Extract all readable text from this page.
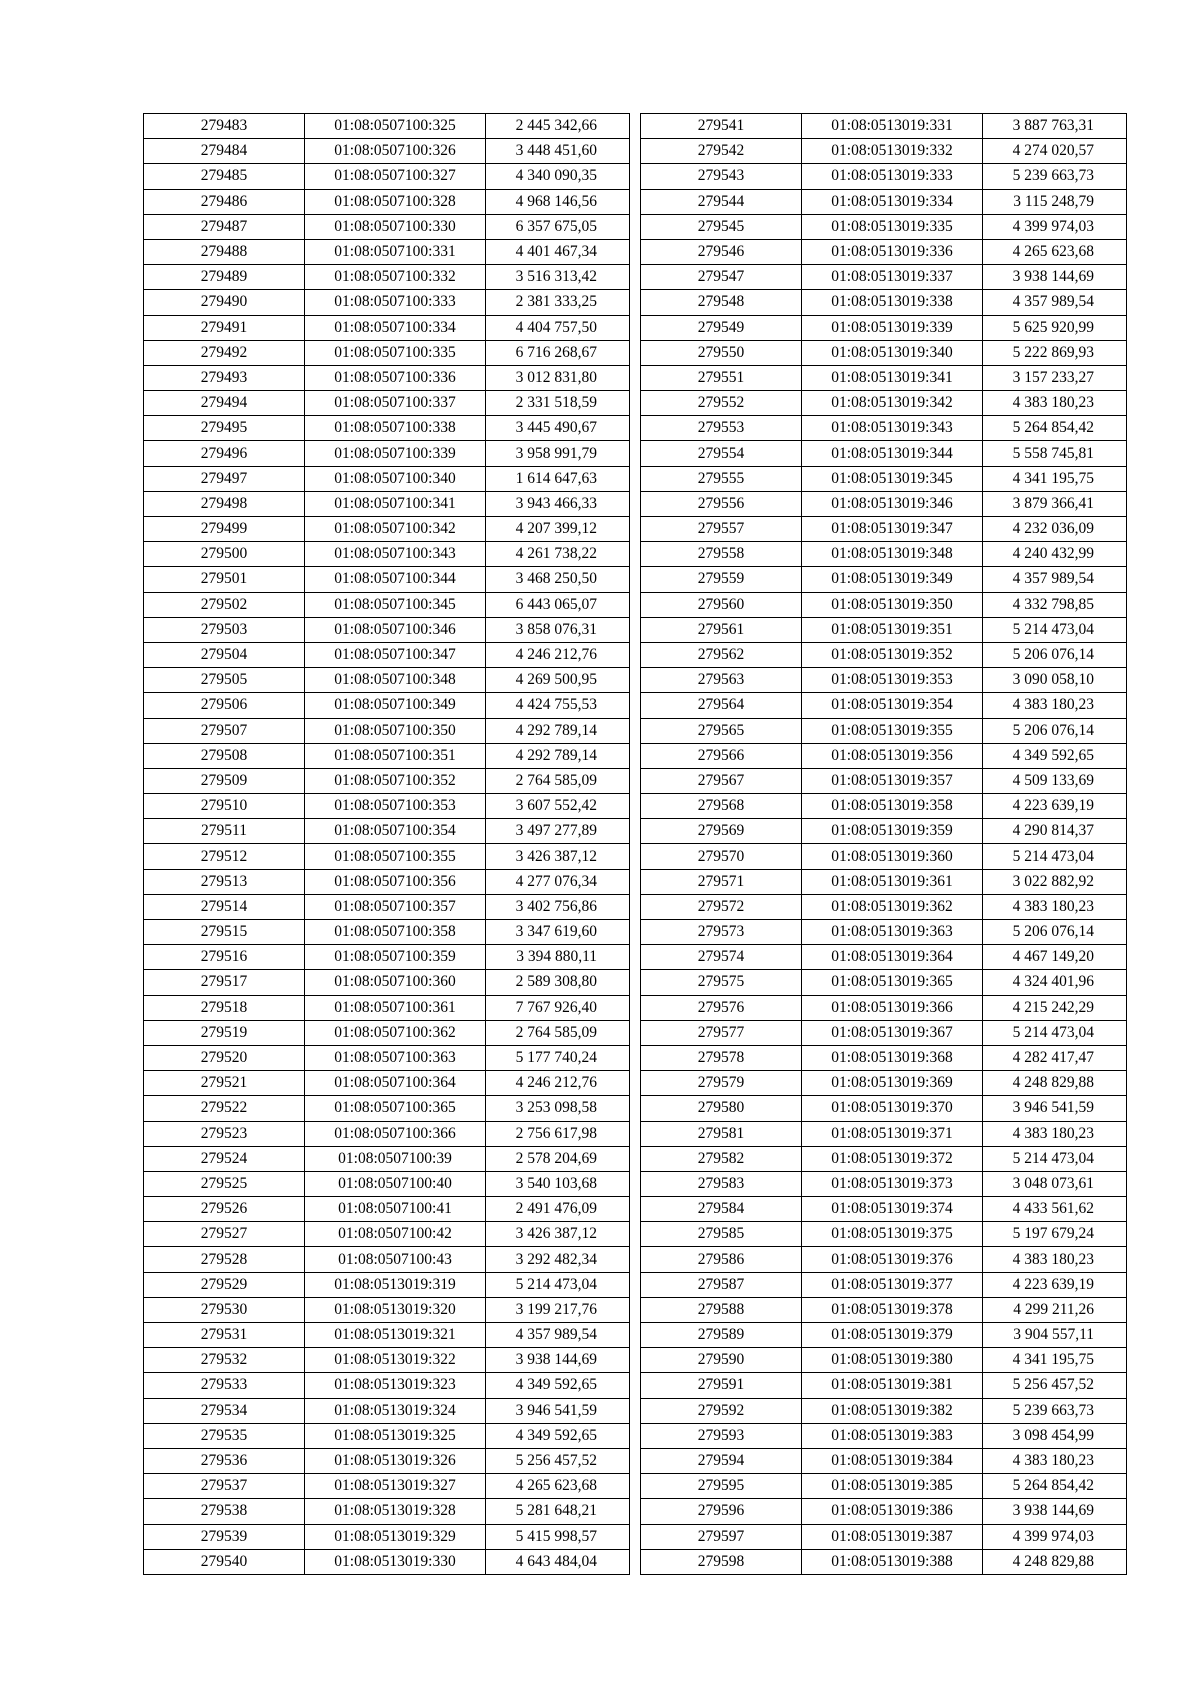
279483	01:08:0507100:325	2 445 342,66
279484	01:08:0507100:326	3 448 451,60
279485	01:08:0507100:327	4 340 090,35
279486	01:08:0507100:328	4 968 146,56
279487	01:08:0507100:330	6 357 675,05
279488	01:08:0507100:331	4 401 467,34
279489	01:08:0507100:332	3 516 313,42
279490	01:08:0507100:333	2 381 333,25
279491	01:08:0507100:334	4 404 757,50
279492	01:08:0507100:335	6 716 268,67
279493	01:08:0507100:336	3 012 831,80
279494	01:08:0507100:337	2 331 518,59
279495	01:08:0507100:338	3 445 490,67
279496	01:08:0507100:339	3 958 991,79
279497	01:08:0507100:340	1 614 647,63
279498	01:08:0507100:341	3 943 466,33
279499	01:08:0507100:342	4 207 399,12
279500	01:08:0507100:343	4 261 738,22
279501	01:08:0507100:344	3 468 250,50
279502	01:08:0507100:345	6 443 065,07
279503	01:08:0507100:346	3 858 076,31
279504	01:08:0507100:347	4 246 212,76
279505	01:08:0507100:348	4 269 500,95
279506	01:08:0507100:349	4 424 755,53
279507	01:08:0507100:350	4 292 789,14
279508	01:08:0507100:351	4 292 789,14
279509	01:08:0507100:352	2 764 585,09
279510	01:08:0507100:353	3 607 552,42
279511	01:08:0507100:354	3 497 277,89
279512	01:08:0507100:355	3 426 387,12
279513	01:08:0507100:356	4 277 076,34
279514	01:08:0507100:357	3 402 756,86
279515	01:08:0507100:358	3 347 619,60
279516	01:08:0507100:359	3 394 880,11
279517	01:08:0507100:360	2 589 308,80
279518	01:08:0507100:361	7 767 926,40
279519	01:08:0507100:362	2 764 585,09
279520	01:08:0507100:363	5 177 740,24
279521	01:08:0507100:364	4 246 212,76
279522	01:08:0507100:365	3 253 098,58
279523	01:08:0507100:366	2 756 617,98
279524	01:08:0507100:39	2 578 204,69
279525	01:08:0507100:40	3 540 103,68
279526	01:08:0507100:41	2 491 476,09
279527	01:08:0507100:42	3 426 387,12
279528	01:08:0507100:43	3 292 482,34
279529	01:08:0513019:319	5 214 473,04
279530	01:08:0513019:320	3 199 217,76
279531	01:08:0513019:321	4 357 989,54
279532	01:08:0513019:322	3 938 144,69
279533	01:08:0513019:323	4 349 592,65
279534	01:08:0513019:324	3 946 541,59
279535	01:08:0513019:325	4 349 592,65
279536	01:08:0513019:326	5 256 457,52
279537	01:08:0513019:327	4 265 623,68
279538	01:08:0513019:328	5 281 648,21
279539	01:08:0513019:329	5 415 998,57
279540	01:08:0513019:330	4 643 484,04
279541	01:08:0513019:331	3 887 763,31
279542	01:08:0513019:332	4 274 020,57
279543	01:08:0513019:333	5 239 663,73
279544	01:08:0513019:334	3 115 248,79
279545	01:08:0513019:335	4 399 974,03
279546	01:08:0513019:336	4 265 623,68
279547	01:08:0513019:337	3 938 144,69
279548	01:08:0513019:338	4 357 989,54
279549	01:08:0513019:339	5 625 920,99
279550	01:08:0513019:340	5 222 869,93
279551	01:08:0513019:341	3 157 233,27
279552	01:08:0513019:342	4 383 180,23
279553	01:08:0513019:343	5 264 854,42
279554	01:08:0513019:344	5 558 745,81
279555	01:08:0513019:345	4 341 195,75
279556	01:08:0513019:346	3 879 366,41
279557	01:08:0513019:347	4 232 036,09
279558	01:08:0513019:348	4 240 432,99
279559	01:08:0513019:349	4 357 989,54
279560	01:08:0513019:350	4 332 798,85
279561	01:08:0513019:351	5 214 473,04
279562	01:08:0513019:352	5 206 076,14
279563	01:08:0513019:353	3 090 058,10
279564	01:08:0513019:354	4 383 180,23
279565	01:08:0513019:355	5 206 076,14
279566	01:08:0513019:356	4 349 592,65
279567	01:08:0513019:357	4 509 133,69
279568	01:08:0513019:358	4 223 639,19
279569	01:08:0513019:359	4 290 814,37
279570	01:08:0513019:360	5 214 473,04
279571	01:08:0513019:361	3 022 882,92
279572	01:08:0513019:362	4 383 180,23
279573	01:08:0513019:363	5 206 076,14
279574	01:08:0513019:364	4 467 149,20
279575	01:08:0513019:365	4 324 401,96
279576	01:08:0513019:366	4 215 242,29
279577	01:08:0513019:367	5 214 473,04
279578	01:08:0513019:368	4 282 417,47
279579	01:08:0513019:369	4 248 829,88
279580	01:08:0513019:370	3 946 541,59
279581	01:08:0513019:371	4 383 180,23
279582	01:08:0513019:372	5 214 473,04
279583	01:08:0513019:373	3 048 073,61
279584	01:08:0513019:374	4 433 561,62
279585	01:08:0513019:375	5 197 679,24
279586	01:08:0513019:376	4 383 180,23
279587	01:08:0513019:377	4 223 639,19
279588	01:08:0513019:378	4 299 211,26
279589	01:08:0513019:379	3 904 557,11
279590	01:08:0513019:380	4 341 195,75
279591	01:08:0513019:381	5 256 457,52
279592	01:08:0513019:382	5 239 663,73
279593	01:08:0513019:383	3 098 454,99
279594	01:08:0513019:384	4 383 180,23
279595	01:08:0513019:385	5 264 854,42
279596	01:08:0513019:386	3 938 144,69
279597	01:08:0513019:387	4 399 974,03
279598	01:08:0513019:388	4 248 829,88
